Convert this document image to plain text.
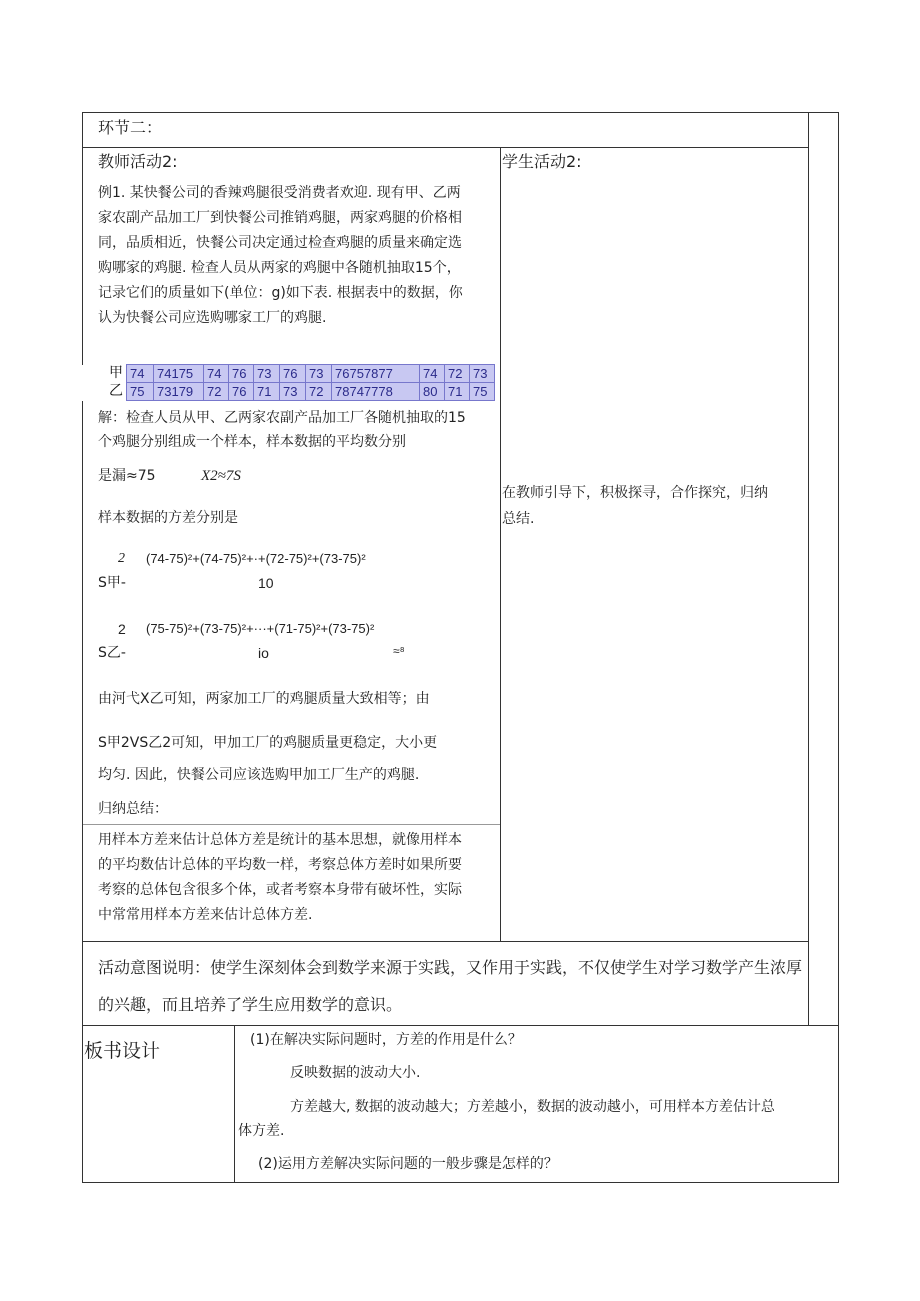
环节二：
教师活动2:
例1. 某快餐公司的香辣鸡腿很受消费者欢迎. 现有甲、乙两
家农副产品加工厂到快餐公司推销鸡腿，两家鸡腿的价格相
同，品质相近，快餐公司决定通过检查鸡腿的质量来确定选
购哪家的鸡腿. 检查人员从两家的鸡腿中各随机抽取15个，
记录它们的质量如下(单位：g)如下表. 根据表中的数据，你
认为快餐公司应选购哪家工厂的鸡腿.
甲	74	74175	74	76	73	76	73	76757877	74	72	73
乙	75	73179	72	76	71	73	72	78747778	80	71	75
解：检查人员从甲、乙两家农副产品加工厂各随机抽取的15
个鸡腿分别组成一个样本，样本数据的平均数分别
是漏≈75	X2≈7S
样本数据的方差分别是
2 (74-75)²+(74-75)²+·+(72-75)²+(73-75)²
S甲-	10
2 (75-75)²+(73-75)²+···+(71-75)²+(73-75)²
S乙-	io	≈⁸
由河弋X乙可知，两家加工厂的鸡腿质量大致相等；由
S甲2VS乙2可知，甲加工厂的鸡腿质量更稳定，大小更
均匀. 因此，快餐公司应该选购甲加工厂生产的鸡腿.
归纳总结：
用样本方差来估计总体方差是统计的基本思想，就像用样本
的平均数估计总体的平均数一样，考察总体方差时如果所要
考察的总体包含很多个体，或者考察本身带有破坏性，实际
中常常用样本方差来估计总体方差.
学生活动2:
在教师引导下，积极探寻，合作探究，归纳
总结.
活动意图说明：使学生深刻体会到数学来源于实践，又作用于实践，不仅使学生对学习数学产生浓厚
的兴趣，而且培养了学生应用数学的意识。
板书设计	(1)在解决实际问题时，方差的作用是什么？
反映数据的波动大小.
方差越大, 数据的波动越大；方差越小，数据的波动越小，可用样本方差估计总
体方差.
(2)运用方差解决实际问题的一般步骤是怎样的？
